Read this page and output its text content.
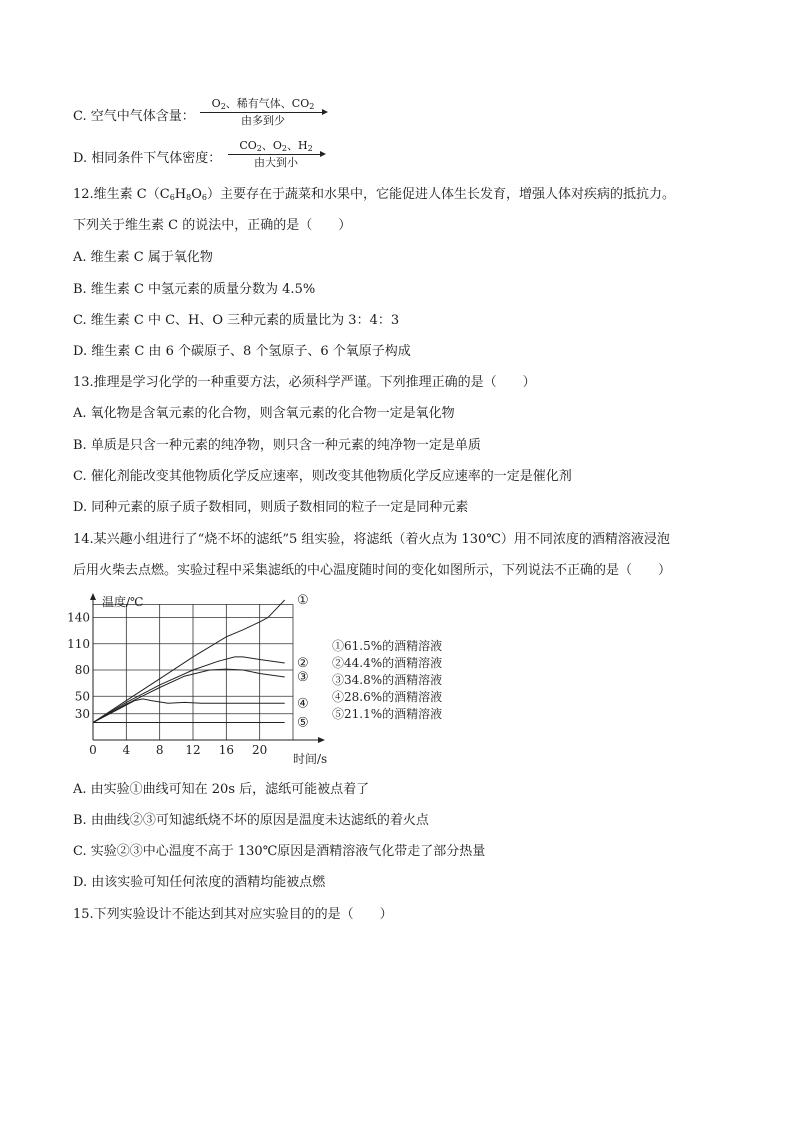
C. 空气中气体含量：
$O_2$、稀有气体、$CO_2$
由多到少
D. 相同条件下气体密度：
$CO_2$、$O_2$、$H_2$
由大到小
12.维生素 $C(C_6H_8O_6)$主要存在于蔬菜和水果中，它能促进人体生长发育，增强人体对疾病的抵抗力。
下列关于维生素 C 的说法中，正确的是（　　）
A. 维生素 C 属于氧化物
B. 维生素 C 中氢元素的质量分数为 4.5%
C. 维生素 C 中 C、H、O 三种元素的质量比为 3：4：3
D. 维生素 C 由 6 个碳原子、8 个氢原子、6 个氧原子构成
13.推理是学习化学的一种重要方法，必须科学严谨。下列推理正确的是（　　）
A. 氧化物是含氧元素的化合物，则含氧元素的化合物一定是氧化物
B. 单质是只含一种元素的纯净物，则只含一种元素的纯净物一定是单质
C. 催化剂能改变其他物质化学反应速率，则改变其他物质化学反应速率的一定是催化剂
D. 同种元素的原子质子数相同，则质子数相同的粒子一定是同种元素
14.某兴趣小组进行了“烧不坏的滤纸”5 组实验，将滤纸（着火点为 130℃）用不同浓度的酒精溶液浸泡
后用火柴去点燃。实验过程中采集滤纸的中心温度随时间的变化如图所示，下列说法不正确的是（　　）
温度/℃
时间/s
0 4 8 12 16 20
30
50
80
110
140
①
②
③
④
⑤
①61.5%的酒精溶液
②44.4%的酒精溶液
③34.8%的酒精溶液
④28.6%的酒精溶液
⑤21.1%的酒精溶液
A. 由实验①曲线可知在 20s 后，滤纸可能被点着了
B. 由曲线②③可知滤纸烧不坏的原因是温度未达滤纸的着火点
C. 实验②③中心温度不高于 130℃原因是酒精溶液气化带走了部分热量
D. 由该实验可知任何浓度的酒精均能被点燃
15.下列实验设计不能达到其对应实验目的的是（　　）
